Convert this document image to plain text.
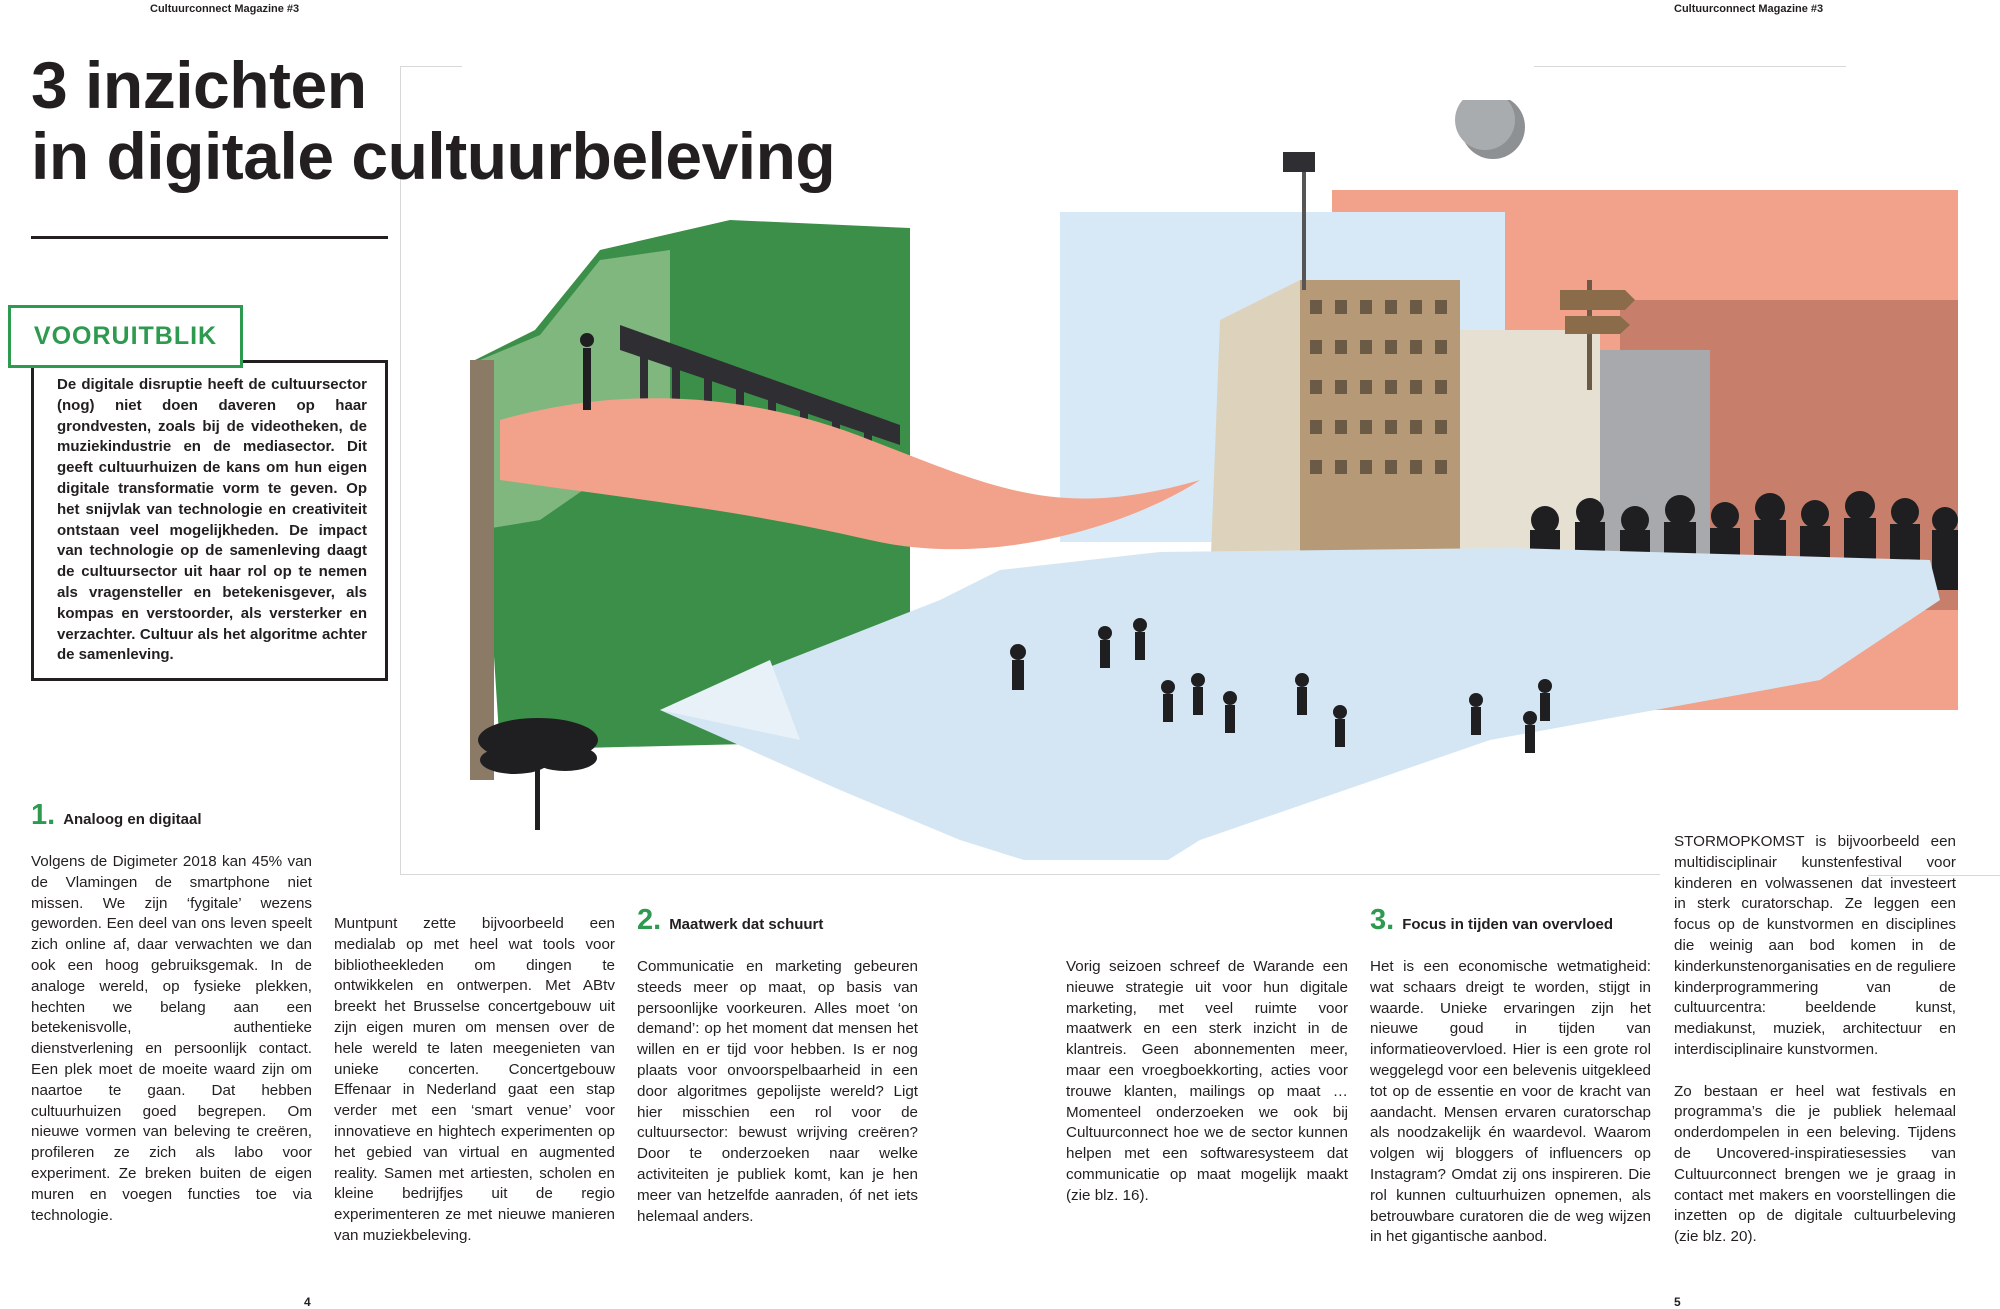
Cultuurconnect Magazine #3	Cultuurconnect Magazine #3
3 inzichten
in digitale cultuurbeleving
VOORUITBLIK

De digitale disruptie heeft de cultuursector (nog) niet doen daveren op haar grondvesten, zoals bij de videotheken, de muziekindustrie en de mediasector. Dit geeft cultuurhuizen de kans om hun eigen digitale transformatie vorm te geven. Op het snijvlak van technologie en creativiteit ontstaan veel mogelijkheden. De impact van technologie op de samenleving daagt de cultuursector uit haar rol op te nemen als vragensteller en betekenisgever, als kompas en verstoorder, als versterker en verzachter. Cultuur als het algoritme achter de samenleving.

1. Analoog en digitaal

Volgens de Digimeter 2018 kan 45% van de Vlamingen de smartphone niet missen. We zijn ‘fygitale’ wezens geworden. Een deel van ons leven speelt zich online af, daar verwachten we dan ook een hoog gebruiksgemak. In de analoge wereld, op fysieke plekken, hechten we belang aan een betekenisvolle, authentieke dienstverlening en persoonlijk contact. Een plek moet de moeite waard zijn om naartoe te gaan. Dat hebben cultuurhuizen goed begrepen. Om nieuwe vormen van beleving te creëren, profileren ze zich als labo voor experiment. Ze breken buiten de eigen muren en voegen functies toe via technologie.

Muntpunt zette bijvoorbeeld een medialab op met heel wat tools voor bibliotheekleden om dingen te ontwikkelen en ontwerpen. Met ABtv breekt het Brusselse concertgebouw uit zijn eigen muren om mensen over de hele wereld te laten meegenieten van unieke concerten. Concertgebouw Effenaar in Nederland gaat een stap verder met een ‘smart venue’ voor innovatieve en hightech experimenten op het gebied van virtual en augmented reality. Samen met artiesten, scholen en kleine bedrijfjes uit de regio experimenteren ze met nieuwe manieren van muziekbeleving.

2. Maatwerk dat schuurt

Communicatie en marketing gebeuren steeds meer op maat, op basis van persoonlijke voorkeuren. Alles moet ‘on demand’: op het moment dat mensen het willen en er tijd voor hebben. Is er nog plaats voor onvoorspelbaarheid in een door algoritmes gepolijste wereld? Ligt hier misschien een rol voor de cultuursector: bewust wrijving creëren? Door te onderzoeken naar welke activiteiten je publiek komt, kan je hen meer van hetzelfde aanraden, óf net iets helemaal anders.

Vorig seizoen schreef de Warande een nieuwe strategie uit voor hun digitale marketing, met veel ruimte voor maatwerk en een sterk inzicht in de klantreis. Geen abonnementen meer, maar een vroegboekkorting, acties voor trouwe klanten, mailings op maat … Momenteel onderzoeken we ook bij Cultuurconnect hoe we de sector kunnen helpen met een softwaresysteem dat communicatie op maat mogelijk maakt (zie blz. 16).

3. Focus in tijden van overvloed

Het is een economische wetmatigheid: wat schaars dreigt te worden, stijgt in waarde. Unieke ervaringen zijn het nieuwe goud in tijden van informatieovervloed. Hier is een grote rol weggelegd voor een belevenis uitgekleed tot op de essentie en voor de kracht van aandacht. Mensen ervaren curatorschap als noodzakelijk én waardevol. Waarom volgen wij bloggers of influencers op Instagram? Omdat zij ons inspireren. Die rol kunnen cultuurhuizen opnemen, als betrouwbare curatoren die de weg wijzen in het gigantische aanbod.

STORMOPKOMST is bijvoorbeeld een multidisciplinair kunstenfestival voor kinderen en volwassenen dat investeert in sterk curatorschap. Ze leggen een focus op de kunstvormen en disciplines die weinig aan bod komen in de kinderkunstenorganisaties en de reguliere kinderprogrammering van de cultuurcentra: beeldende kunst, mediakunst, muziek, architectuur en interdisciplinaire kunstvormen.

Zo bestaan er heel wat festivals en programma’s die je publiek helemaal onderdompelen in een beleving. Tijdens de Uncovered-inspiratiesessies van Cultuurconnect brengen we je graag in contact met makers en voorstellingen die inzetten op de digitale cultuurbeleving (zie blz. 20).

4	5
